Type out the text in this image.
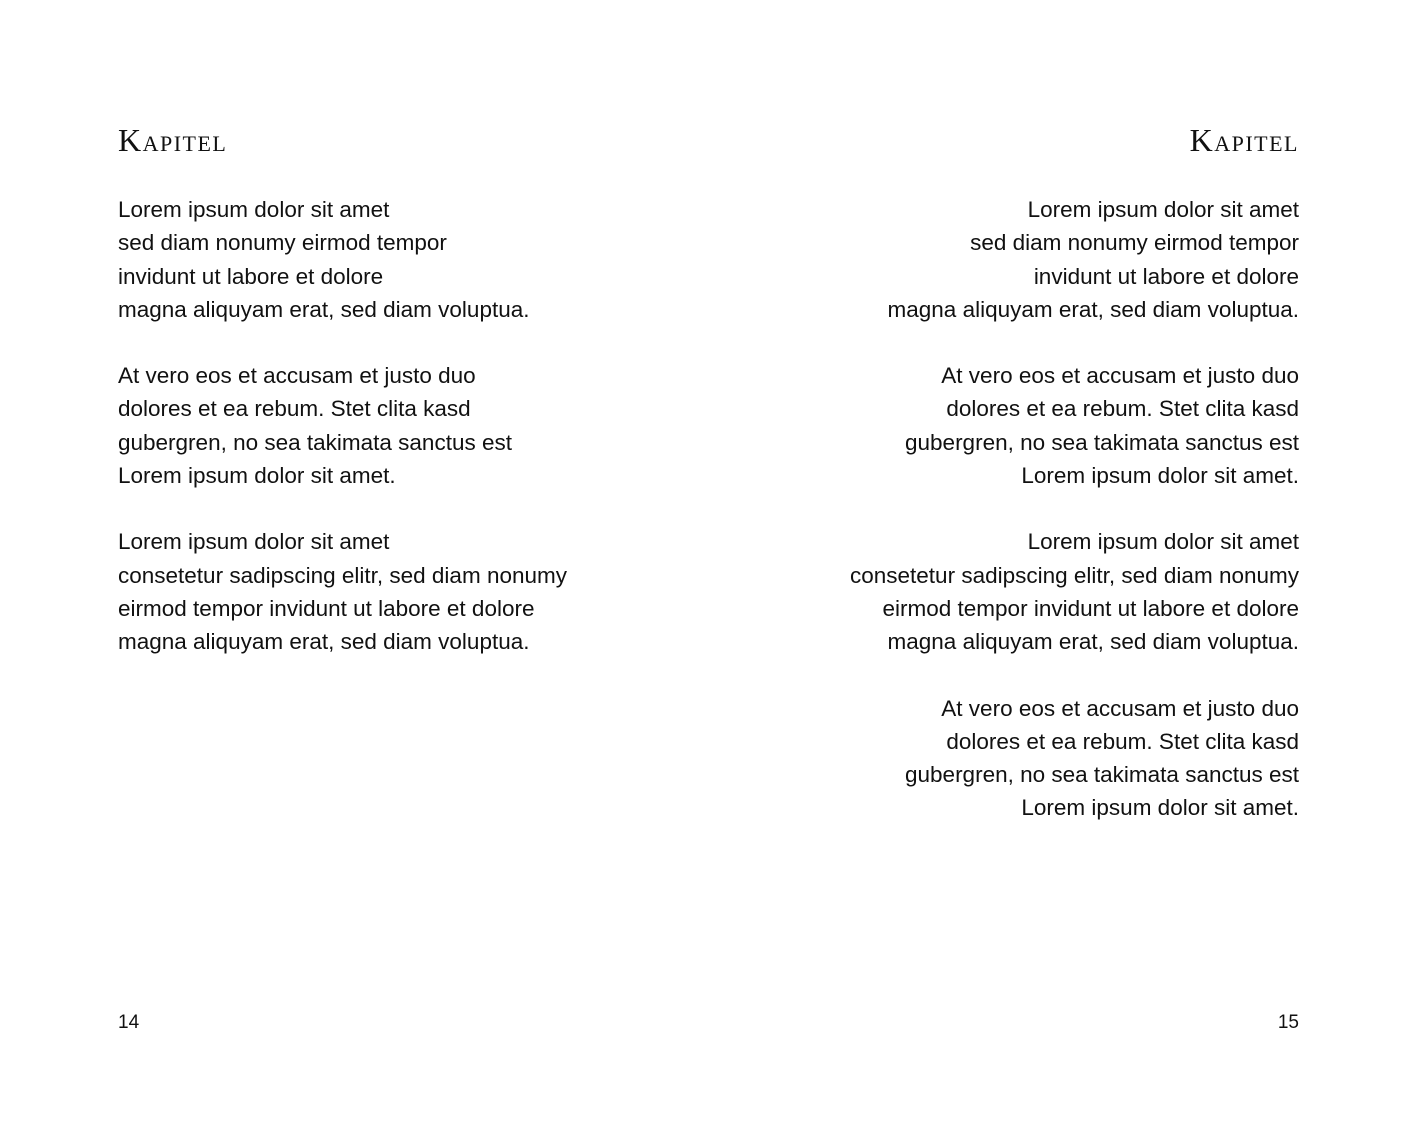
Kapitel

Lorem ipsum dolor sit amet
sed diam nonumy eirmod tempor
invidunt ut labore et dolore
magna aliquyam erat, sed diam voluptua.

At vero eos et accusam et justo duo
dolores et ea rebum. Stet clita kasd
gubergren, no sea takimata sanctus est
Lorem ipsum dolor sit amet.

Lorem ipsum dolor sit amet
consetetur sadipscing elitr, sed diam nonumy
eirmod tempor invidunt ut labore et dolore
magna aliquyam erat, sed diam voluptua.

14
Kapitel

Lorem ipsum dolor sit amet
sed diam nonumy eirmod tempor
invidunt ut labore et dolore
magna aliquyam erat, sed diam voluptua.

At vero eos et accusam et justo duo
dolores et ea rebum. Stet clita kasd
gubergren, no sea takimata sanctus est
Lorem ipsum dolor sit amet.

Lorem ipsum dolor sit amet
consetetur sadipscing elitr, sed diam nonumy
eirmod tempor invidunt ut labore et dolore
magna aliquyam erat, sed diam voluptua.

At vero eos et accusam et justo duo
dolores et ea rebum. Stet clita kasd
gubergren, no sea takimata sanctus est
Lorem ipsum dolor sit amet.

15
